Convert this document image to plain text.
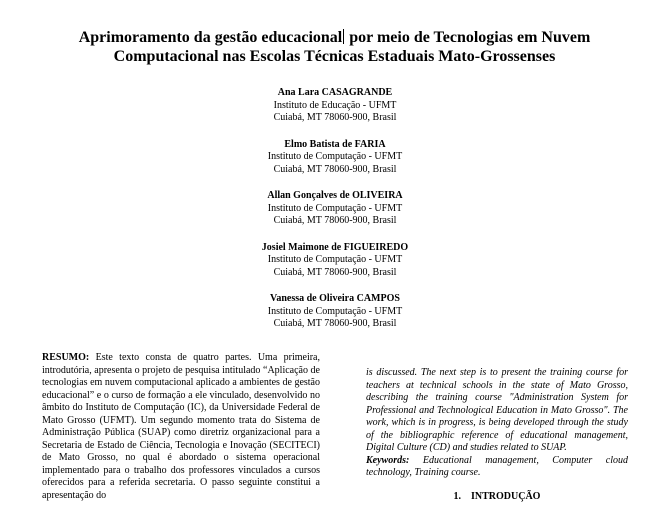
Aprimoramento da gestão educacional por meio de Tecnologias em Nuvem
Computacional nas Escolas Técnicas Estaduais Mato-Grossenses
Ana Lara CASAGRANDE
Instituto de Educação - UFMT
Cuiabá, MT 78060-900, Brasil
Elmo Batista de FARIA
Instituto de Computação - UFMT
Cuiabá, MT 78060-900, Brasil
Allan Gonçalves de OLIVEIRA
Instituto de Computação - UFMT
Cuiabá, MT 78060-900, Brasil
Josiel Maimone de FIGUEIREDO
Instituto de Computação - UFMT
Cuiabá, MT 78060-900, Brasil
Vanessa de Oliveira CAMPOS
Instituto de Computação - UFMT
Cuiabá, MT 78060-900, Brasil
RESUMO: Este texto consta de quatro partes. Uma primeira, introdutória, apresenta o projeto de pesquisa intitulado “Aplicação de tecnologias em nuvem computacional aplicado a ambientes de gestão educacional” e o curso de formação a ele vinculado, desenvolvido no âmbito do Instituto de Computação (IC), da Universidade Federal de Mato Grosso (UFMT). Um segundo momento trata do Sistema de Administração Pública (SUAP) como diretriz organizacional para a Secretaria de Estado de Ciência, Tecnologia e Inovação (SECITECI) de Mato Grosso, no qual é abordado o sistema operacional implementado para o trabalho dos professores vinculados a cursos oferecidos para a referida secretaria. O passo seguinte constitui a apresentação do
is discussed. The next step is to present the training course for teachers at technical schools in the state of Mato Grosso, describing the training course "Administration System for Professional and Technological Education in Mato Grosso". The work, which is in progress, is being developed through the study of the bibliographic reference of educational management, Digital Culture (CD) and studies related to SUAP.
Keywords: Educational management, Computer cloud technology, Training course.
1. INTRODUÇÃO
